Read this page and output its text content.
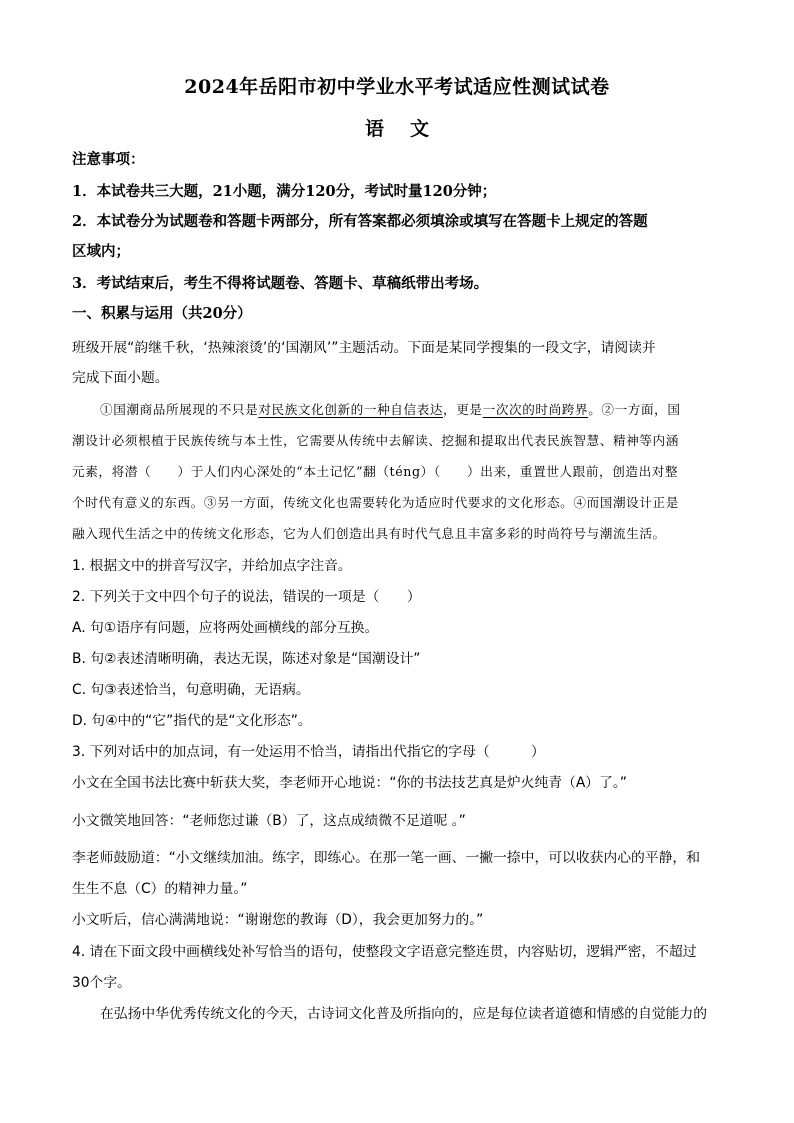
2024年岳阳市初中学业水平考试适应性测试试卷
语文
注意事项：
1．本试卷共三大题，21小题，满分120分，考试时量120分钟；
2．本试卷分为试题卷和答题卡两部分，所有答案都必须填涂或填写在答题卡上规定的答题
区域内；
3．考试结束后，考生不得将试题卷、答题卡、草稿纸带出考场。
一、积累与运用（共20分）
班级开展“韵继千秋，‘热辣滚烫’的‘国潮风’”主题活动。下面是某同学搜集的一段文字，请阅读并
完成下面小题。
①国潮商品所展现的不只是对民族文化创新的一种自信表达，更是一次次的时尚跨界。②一方面，国
潮设计必须根植于民族传统与本土性，它需要从传统中去解读、挖掘和提取出代表民族智慧、精神等内涵
元素，将潜（　　）于人们内心深处的“本土记忆”翻（téng）（　　）出来，重置世人跟前，创造出对整
个时代有意义的东西。③另一方面，传统文化也需要转化为适应时代要求的文化形态。④而国潮设计正是
融入现代生活之中的传统文化形态，它为人们创造出具有时代气息且丰富多彩的时尚符号与潮流生活。
1. 根据文中的拼音写汉字，并给加点字注音。
2. 下列关于文中四个句子的说法，错误的一项是（　　）
A. 句①语序有问题，应将两处画横线的部分互换。
B. 句②表述清晰明确，表达无误，陈述对象是“国潮设计”
C. 句③表述恰当，句意明确，无语病。
D. 句④中的“它”指代的是“文化形态”。
3. 下列对话中的加点词，有一处运用不恰当，请指出代指它的字母（　　　）
小文在全国书法比赛中斩获大奖，李老师开心地说：“你的书法技艺真是炉火纯青（A）了。”
小文微笑地回答：“老师您过谦（B）了，这点成绩微不足道呢 。”
李老师鼓励道：“小文继续加油。练字，即练心。在那一笔一画、一撇一捺中，可以收获内心的平静，和
生生不息（C）的精神力量。”
小文听后，信心满满地说：“谢谢您的教诲（D），我会更加努力的。”
4. 请在下面文段中画横线处补写恰当的语句，使整段文字语意完整连贯，内容贴切，逻辑严密，不超过
30个字。
在弘扬中华优秀传统文化的今天，古诗词文化普及所指向的，应是每位读者道德和情感的自觉能力的
